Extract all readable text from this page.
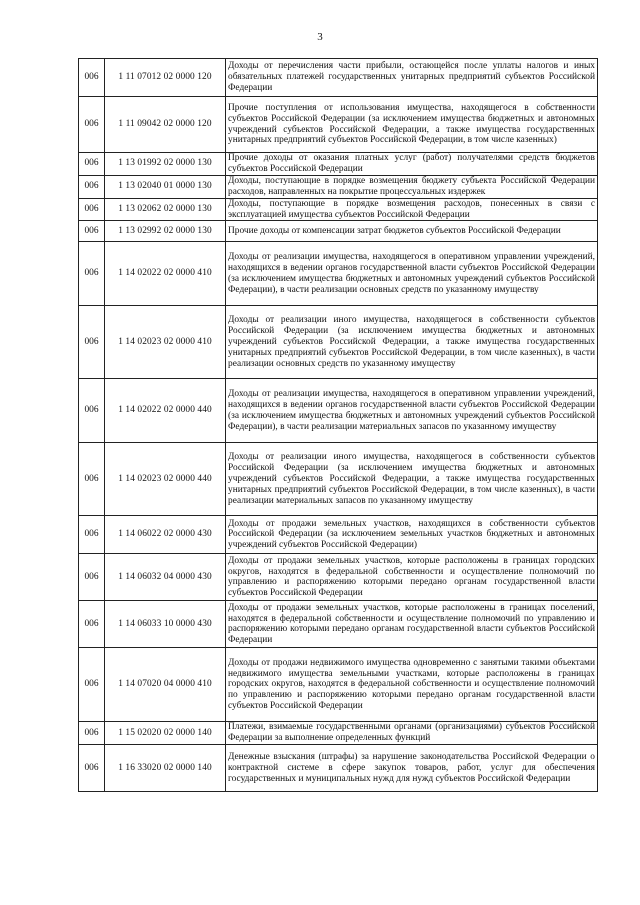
3
006	1 11 07012 02 0000 120	Доходы от перечисления части прибыли, остающейся после уплаты налогов и иных обязательных платежей государственных унитарных предприятий субъектов Российской Федерации
006	1 11 09042 02 0000 120	Прочие поступления от использования имущества, находящегося в собственности субъектов Российской Федерации (за исключением имущества бюджетных и автономных учреждений субъектов Российской Федерации, а также имущества государственных унитарных предприятий субъектов Российской Федерации, в том числе казенных)
006	1 13 01992 02 0000 130	Прочие доходы от оказания платных услуг (работ) получателями средств бюджетов субъектов Российской Федерации
006	1 13 02040 01 0000 130	Доходы, поступающие в порядке возмещения бюджету субъекта Российской Федерации расходов, направленных на покрытие процессуальных издержек
006	1 13 02062 02 0000 130	Доходы, поступающие в порядке возмещения расходов, понесенных в связи с эксплуатацией имущества субъектов Российской Федерации
006	1 13 02992 02 0000 130	Прочие доходы от компенсации затрат бюджетов субъектов Российской Федерации
006	1 14 02022 02 0000 410	Доходы от реализации имущества, находящегося в оперативном управлении учреждений, находящихся в ведении органов государственной власти субъектов Российской Федерации (за исключением имущества бюджетных и автономных учреждений субъектов Российской Федерации), в части реализации основных средств по указанному имуществу
006	1 14 02023 02 0000 410	Доходы от реализации иного имущества, находящегося в собственности субъектов Российской Федерации (за исключением имущества бюджетных и автономных учреждений субъектов Российской Федерации, а также имущества государственных унитарных предприятий субъектов Российской Федерации, в том числе казенных), в части реализации основных средств по указанному имуществу
006	1 14 02022 02 0000 440	Доходы от реализации имущества, находящегося в оперативном управлении учреждений, находящихся в ведении органов государственной власти субъектов Российской Федерации (за исключением имущества бюджетных и автономных учреждений субъектов Российской Федерации), в части реализации материальных запасов по указанному имуществу
006	1 14 02023 02 0000 440	Доходы от реализации иного имущества, находящегося в собственности субъектов Российской Федерации (за исключением имущества бюджетных и автономных учреждений субъектов Российской Федерации, а также имущества государственных унитарных предприятий субъектов Российской Федерации, в том числе казенных), в части реализации материальных запасов по указанному имуществу
006	1 14 06022 02 0000 430	Доходы от продажи земельных участков, находящихся в собственности субъектов Российской Федерации (за исключением земельных участков бюджетных и автономных учреждений субъектов Российской Федерации)
006	1 14 06032 04 0000 430	Доходы от продажи земельных участков, которые расположены в границах городских округов, находятся в федеральной собственности и осуществление полномочий по управлению и распоряжению которыми передано органам государственной власти субъектов Российской Федерации
006	1 14 06033 10 0000 430	Доходы от продажи земельных участков, которые расположены в границах поселений, находятся в федеральной собственности и осуществление полномочий по управлению и распоряжению которыми передано органам государственной власти субъектов Российской Федерации
006	1 14 07020 04 0000 410	Доходы от продажи недвижимого имущества одновременно с занятыми такими объектами недвижимого имущества земельными участками, которые расположены в границах городских округов, находятся в федеральной собственности и осуществление полномочий по управлению и распоряжению которыми передано органам государственной власти субъектов Российской Федерации
006	1 15 02020 02 0000 140	Платежи, взимаемые государственными органами (организациями) субъектов Российской Федерации за выполнение определенных функций
006	1 16 33020 02 0000 140	Денежные взыскания (штрафы) за нарушение законодательства Российской Федерации о контрактной системе в сфере закупок товаров, работ, услуг для обеспечения государственных и муниципальных нужд для нужд субъектов Российской Федерации
